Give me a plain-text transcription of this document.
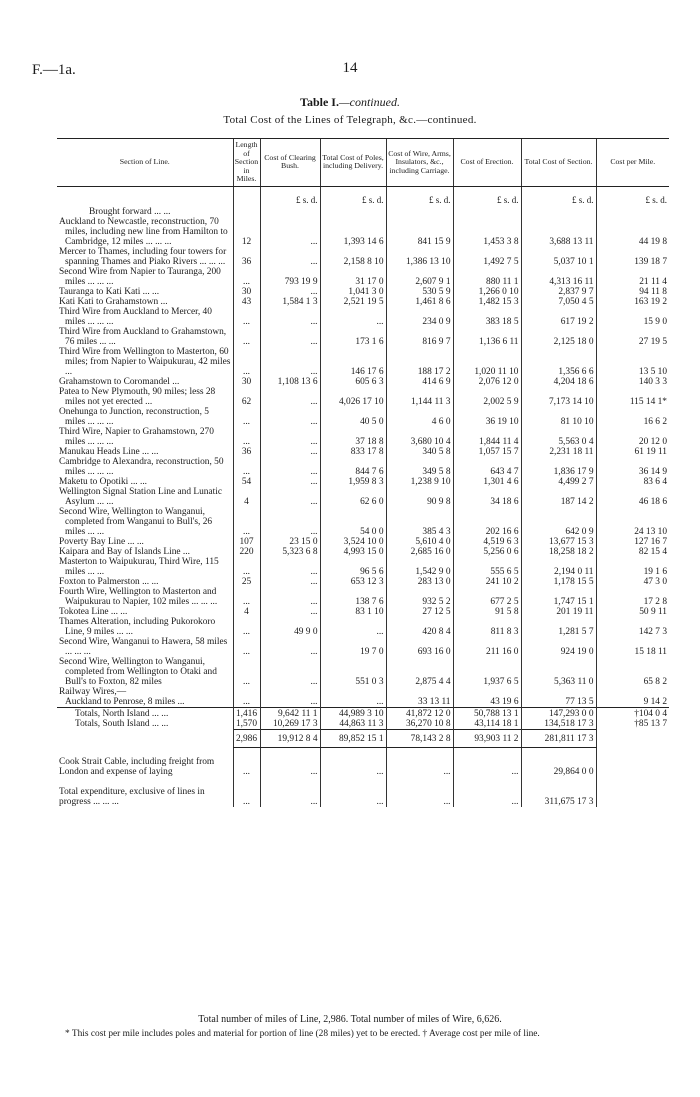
F.—1a.	14
Table I.—continued.
Total Cost of the Lines of Telegraph, &c.—continued.
Section of Line.	Length of Section in Miles.	Cost of Clearing Bush.	Total Cost of Poles, including Delivery.	Cost of Wire, Arms, Insulators, &c., including Carriage.	Cost of Erection.	Total Cost of Section.	Cost per Mile.
		£ s. d.	£ s. d.	£ s. d.	£ s. d.	£ s. d.	£ s. d.
Brought forward ... ...							
Auckland to Newcastle, reconstruction, 70 miles, including new line from Hamilton to Cambridge, 12 miles ... ... ...	12	...	1,393 14 6	841 15 9	1,453 3 8	3,688 13 11	44 19 8
Mercer to Thames, including four towers for spanning Thames and Piako Rivers ... ... ...	36	...	2,158 8 10	1,386 13 10	1,492 7 5	5,037 10 1	139 18 7
Second Wire from Napier to Tauranga, 200 miles ... ... ...	...	793 19 9	31 17 0	2,607 9 1	880 11 1	4,313 16 11	21 11 4
Tauranga to Kati Kati ... ...	30	...	1,041 3 0	530 5 9	1,266 0 10	2,837 9 7	94 11 8
Kati Kati to Grahamstown ...	43	1,584 1 3	2,521 19 5	1,461 8 6	1,482 15 3	7,050 4 5	163 19 2
Third Wire from Auckland to Mercer, 40 miles ... ... ...	...	...	...	234 0 9	383 18 5	617 19 2	15 9 0
Third Wire from Auckland to Grahamstown, 76 miles ... ...	...	...	173 1 6	816 9 7	1,136 6 11	2,125 18 0	27 19 5
Third Wire from Wellington to Masterton, 60 miles; from Napier to Waipukurau, 42 miles ...	...	...	146 17 6	188 17 2	1,020 11 10	1,356 6 6	13 5 10
Grahamstown to Coromandel ...	30	1,108 13 6	605 6 3	414 6 9	2,076 12 0	4,204 18 6	140 3 3
Patea to New Plymouth, 90 miles; less 28 miles not yet erected ...	62	...	4,026 17 10	1,144 11 3	2,002 5 9	7,173 14 10	115 14 1*
Onehunga to Junction, reconstruction, 5 miles ... ... ...	...	...	40 5 0	4 6 0	36 19 10	81 10 10	16 6 2
Third Wire, Napier to Grahamstown, 270 miles ... ... ...	...	...	37 18 8	3,680 10 4	1,844 11 4	5,563 0 4	20 12 0
Manukau Heads Line ... ...	36	...	833 17 8	340 5 8	1,057 15 7	2,231 18 11	61 19 11
Cambridge to Alexandra, reconstruction, 50 miles ... ... ...	...	...	844 7 6	349 5 8	643 4 7	1,836 17 9	36 14 9
Maketu to Opotiki ... ...	54	...	1,959 8 3	1,238 9 10	1,301 4 6	4,499 2 7	83 6 4
Wellington Signal Station Line and Lunatic Asylum ... ...	4	...	62 6 0	90 9 8	34 18 6	187 14 2	46 18 6
Second Wire, Wellington to Wanganui, completed from Wanganui to Bull's, 26 miles ... ...	...	...	54 0 0	385 4 3	202 16 6	642 0 9	24 13 10
Poverty Bay Line ... ...	107	23 15 0	3,524 10 0	5,610 4 0	4,519 6 3	13,677 15 3	127 16 7
Kaipara and Bay of Islands Line ...	220	5,323 6 8	4,993 15 0	2,685 16 0	5,256 0 6	18,258 18 2	82 15 4
Masterton to Waipukurau, Third Wire, 115 miles ... ...	...	...	96 5 6	1,542 9 0	555 6 5	2,194 0 11	19 1 6
Foxton to Palmerston ... ...	25	...	653 12 3	283 13 0	241 10 2	1,178 15 5	47 3 0
Fourth Wire, Wellington to Masterton and Waipukurau to Napier, 102 miles ... ... ...	...	...	138 7 6	932 5 2	677 2 5	1,747 15 1	17 2 8
Tokotea Line ... ...	4	...	83 1 10	27 12 5	91 5 8	201 19 11	50 9 11
Thames Alteration, including Pukorokoro Line, 9 miles ... ...	...	49 9 0	...	420 8 4	811 8 3	1,281 5 7	142 7 3
Second Wire, Wanganui to Hawera, 58 miles ... ... ...	...	...	19 7 0	693 16 0	211 16 0	924 19 0	15 18 11
Second Wire, Wellington to Wanganui, completed from Wellington to Otaki and Bull's to Foxton, 82 miles	...	...	551 0 3	2,875 4 4	1,937 6 5	5,363 11 0	65 8 2
Railway Wires,—							
Auckland to Penrose, 8 miles ...	...	...	...	33 13 11	43 19 6	77 13 5	9 14 2
Totals, North Island ... ...	1,416	9,642 11 1	44,989 3 10	41,872 12 0	50,788 13 1	147,293 0 0	†104 0 4
Totals, South Island ... ...	1,570	10,269 17 3	44,863 11 3	36,270 10 8	43,114 18 1	134,518 17 3	†85 13 7
	2,986	19,912 8 4	89,852 15 1	78,143 2 8	93,903 11 2	281,811 17 3	
Cook Strait Cable, including freight from London and expense of laying	...	...	...	...	...	29,864 0 0	
Total expenditure, exclusive of lines in progress ... ... ...	...	...	...	...	...	311,675 17 3	
Total number of miles of Line, 2,986. Total number of miles of Wire, 6,626.
* This cost per mile includes poles and material for portion of line (28 miles) yet to be erected. † Average cost per mile of line.
